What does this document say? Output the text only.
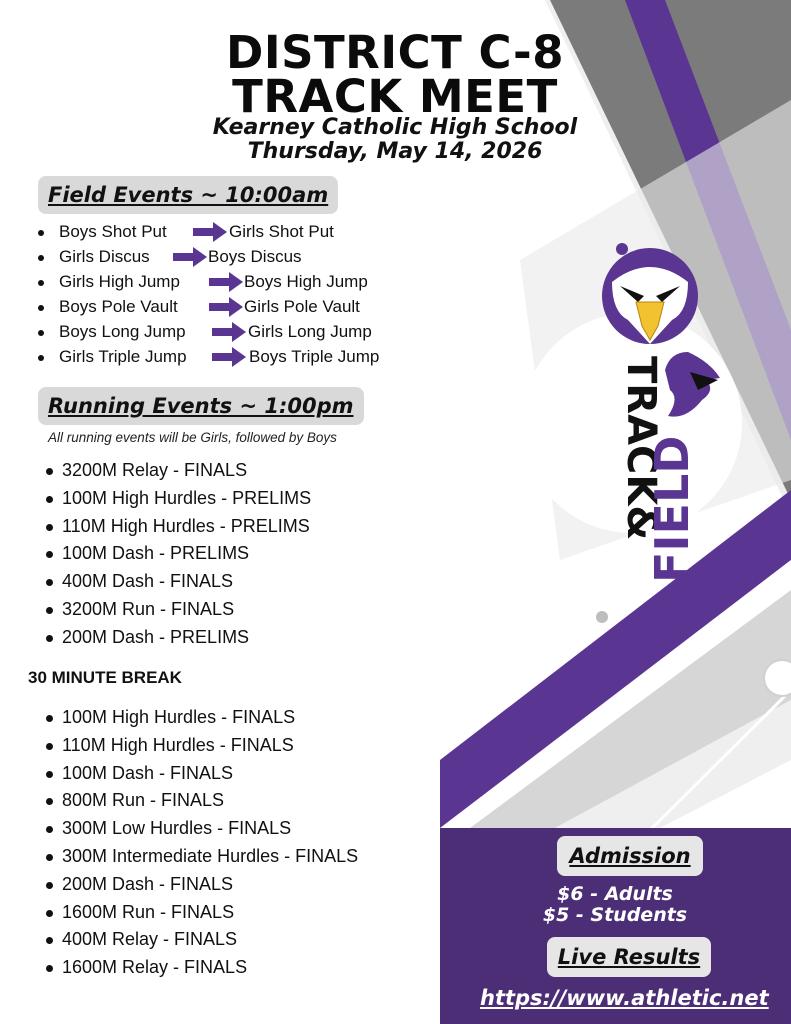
DISTRICT C-8
TRACK MEET
Kearney Catholic High School
Thursday, May 14, 2026
Field Events ~ 10:00am
Boys Shot Put	Girls Shot Put
Girls Discus	Boys Discus
Girls High Jump	Boys High Jump
Boys Pole Vault	Girls Pole Vault
Boys Long Jump	Girls Long Jump
Girls Triple Jump	Boys Triple Jump
Running Events ~ 1:00pm
All running events will be Girls, followed by Boys
3200M Relay - FINALS
100M High Hurdles - PRELIMS
110M High Hurdles - PRELIMS
100M Dash - PRELIMS
400M Dash - FINALS
3200M Run - FINALS
200M Dash - PRELIMS
30 MINUTE BREAK
100M High Hurdles - FINALS
110M High Hurdles - FINALS
100M Dash - FINALS
800M Run - FINALS
300M Low Hurdles - FINALS
300M Intermediate Hurdles - FINALS
200M Dash - FINALS
1600M Run - FINALS
400M Relay - FINALS
1600M Relay - FINALS
TRACK&
FIELD
Admission
$6 - Adults
$5 - Students
Live Results
https://www.athletic.net
